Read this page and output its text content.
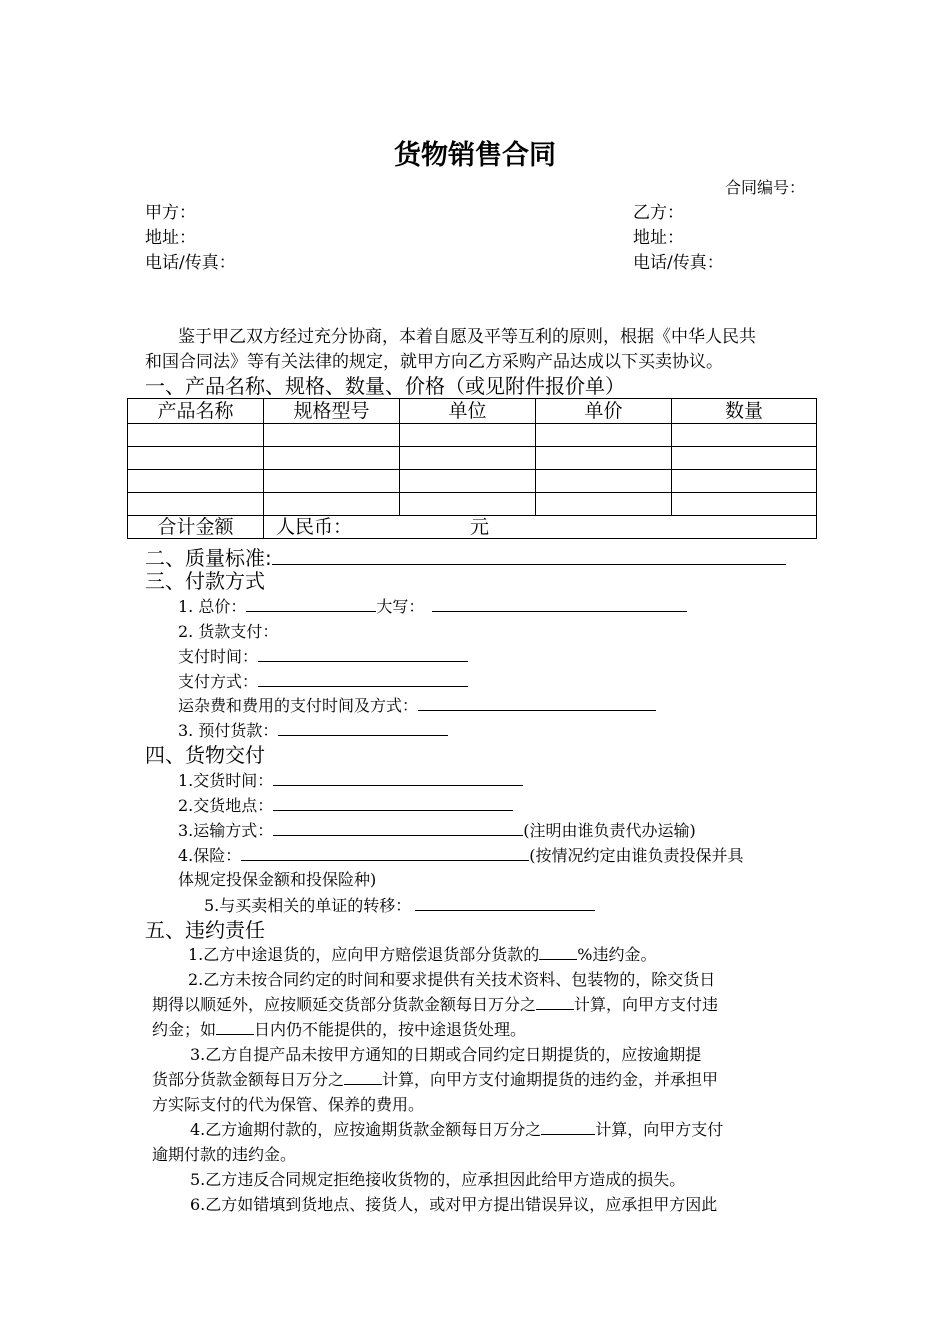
货物销售合同
合同编号：
甲方：
地址：
电话/传真：
乙方：
地址：
电话/传真：
鉴于甲乙双方经过充分协商，本着自愿及平等互利的原则，根据《中华人民共
和国合同法》等有关法律的规定，就甲方向乙方采购产品达成以下买卖协议。
一、产品名称、规格、数量、价格（或见附件报价单）
产品名称	规格型号	单位	单价	数量

合计金额	人民币： 元			
二、质量标准:
三、付款方式
1. 总价：	大写：
2. 货款支付：
支付时间：
支付方式：
运杂费和费用的支付时间及方式：
3. 预付货款：
四、货物交付
1.交货时间：
2.交货地点：
3.运输方式：	(注明由谁负责代办运输)
4.保险：	(按情况约定由谁负责投保并具
体规定投保金额和投保险种)
5.与买卖相关的单证的转移：
五、违约责任
1.乙方中途退货的，应向甲方赔偿退货部分货款的 %违约金。
2.乙方未按合同约定的时间和要求提供有关技术资料、包装物的，除交货日
期得以顺延外，应按顺延交货部分货款金额每日万分之 计算，向甲方支付违
约金；如 日内仍不能提供的，按中途退货处理。
3.乙方自提产品未按甲方通知的日期或合同约定日期提货的，应按逾期提
货部分货款金额每日万分之 计算，向甲方支付逾期提货的违约金，并承担甲
方实际支付的代为保管、保养的费用。
4.乙方逾期付款的，应按逾期货款金额每日万分之	计算，向甲方支付
逾期付款的违约金。
5.乙方违反合同规定拒绝接收货物的，应承担因此给甲方造成的损失。
6.乙方如错填到货地点、接货人，或对甲方提出错误异议，应承担甲方因此
